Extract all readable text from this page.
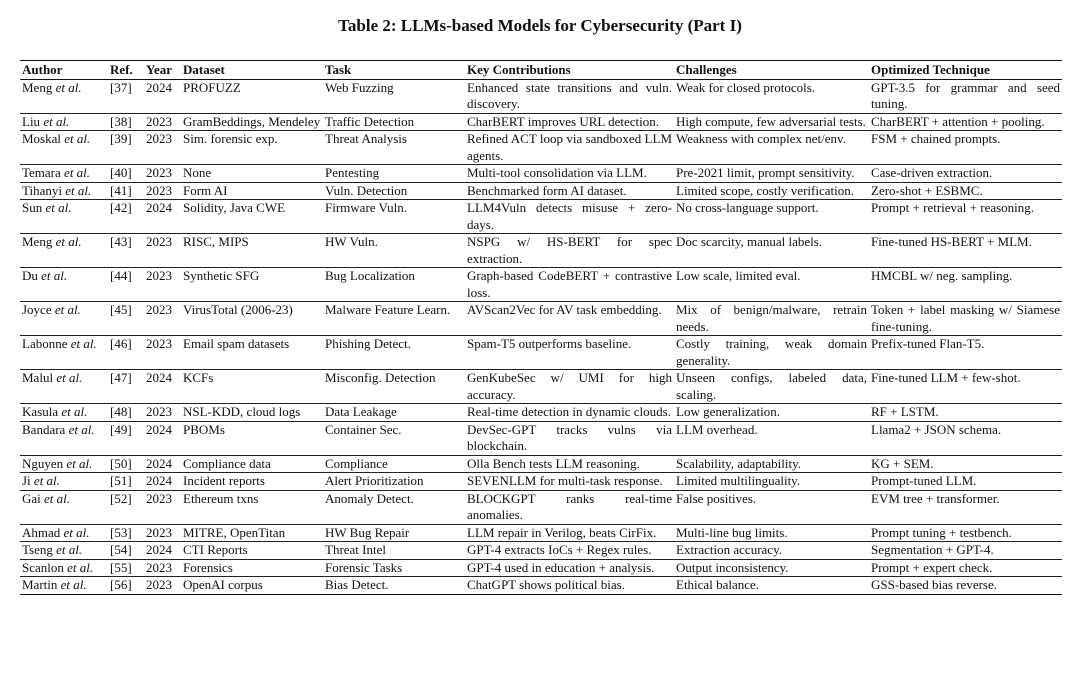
Table 2: LLMs-based Models for Cybersecurity (Part I)
Author	Ref.	Year	Dataset	Task	Key Contributions	Challenges	Optimized Technique
Meng et al.	[37]	2024	PROFUZZ	Web Fuzzing	Enhanced state transitions and vuln. discovery.	Weak for closed protocols.	GPT-3.5 for grammar and seed tuning.
Liu et al.	[38]	2023	GramBeddings, Mendeley	Traffic Detection	CharBERT improves URL detection.	High compute, few adversarial tests.	CharBERT + attention + pooling.
Moskal et al.	[39]	2023	Sim. forensic exp.	Threat Analysis	Refined ACT loop via sandboxed LLM agents.	Weakness with complex net/env.	FSM + chained prompts.
Temara et al.	[40]	2023	None	Pentesting	Multi-tool consolidation via LLM.	Pre-2021 limit, prompt sensitivity.	Case-driven extraction.
Tihanyi et al.	[41]	2023	Form AI	Vuln. Detection	Benchmarked form AI dataset.	Limited scope, costly verification.	Zero-shot + ESBMC.
Sun et al.	[42]	2024	Solidity, Java CWE	Firmware Vuln.	LLM4Vuln detects misuse + zero-days.	No cross-language support.	Prompt + retrieval + reasoning.
Meng et al.	[43]	2023	RISC, MIPS	HW Vuln.	NSPG w/ HS-BERT for spec extraction.	Doc scarcity, manual labels.	Fine-tuned HS-BERT + MLM.
Du et al.	[44]	2023	Synthetic SFG	Bug Localization	Graph-based CodeBERT + contrastive loss.	Low scale, limited eval.	HMCBL w/ neg. sampling.
Joyce et al.	[45]	2023	VirusTotal (2006-23)	Malware Feature Learn.	AVScan2Vec for AV task embedding.	Mix of benign/malware, retrain needs.	Token + label masking w/ Siamese fine-tuning.
Labonne et al.	[46]	2023	Email spam datasets	Phishing Detect.	Spam-T5 outperforms baseline.	Costly training, weak domain generality.	Prefix-tuned Flan-T5.
Malul et al.	[47]	2024	KCFs	Misconfig. Detection	GenKubeSec w/ UMI for high accuracy.	Unseen configs, labeled data, scaling.	Fine-tuned LLM + few-shot.
Kasula et al.	[48]	2023	NSL-KDD, cloud logs	Data Leakage	Real-time detection in dynamic clouds.	Low generalization.	RF + LSTM.
Bandara et al.	[49]	2024	PBOMs	Container Sec.	DevSec-GPT tracks vulns via blockchain.	LLM overhead.	Llama2 + JSON schema.
Nguyen et al.	[50]	2024	Compliance data	Compliance	Olla Bench tests LLM reasoning.	Scalability, adaptability.	KG + SEM.
Ji et al.	[51]	2024	Incident reports	Alert Prioritization	SEVENLLM for multi-task response.	Limited multilinguality.	Prompt-tuned LLM.
Gai et al.	[52]	2023	Ethereum txns	Anomaly Detect.	BLOCKGPT ranks real-time anomalies.	False positives.	EVM tree + transformer.
Ahmad et al.	[53]	2023	MITRE, OpenTitan	HW Bug Repair	LLM repair in Verilog, beats CirFix.	Multi-line bug limits.	Prompt tuning + testbench.
Tseng et al.	[54]	2024	CTI Reports	Threat Intel	GPT-4 extracts IoCs + Regex rules.	Extraction accuracy.	Segmentation + GPT-4.
Scanlon et al.	[55]	2023	Forensics	Forensic Tasks	GPT-4 used in education + analysis.	Output inconsistency.	Prompt + expert check.
Martin et al.	[56]	2023	OpenAI corpus	Bias Detect.	ChatGPT shows political bias.	Ethical balance.	GSS-based bias reverse.
